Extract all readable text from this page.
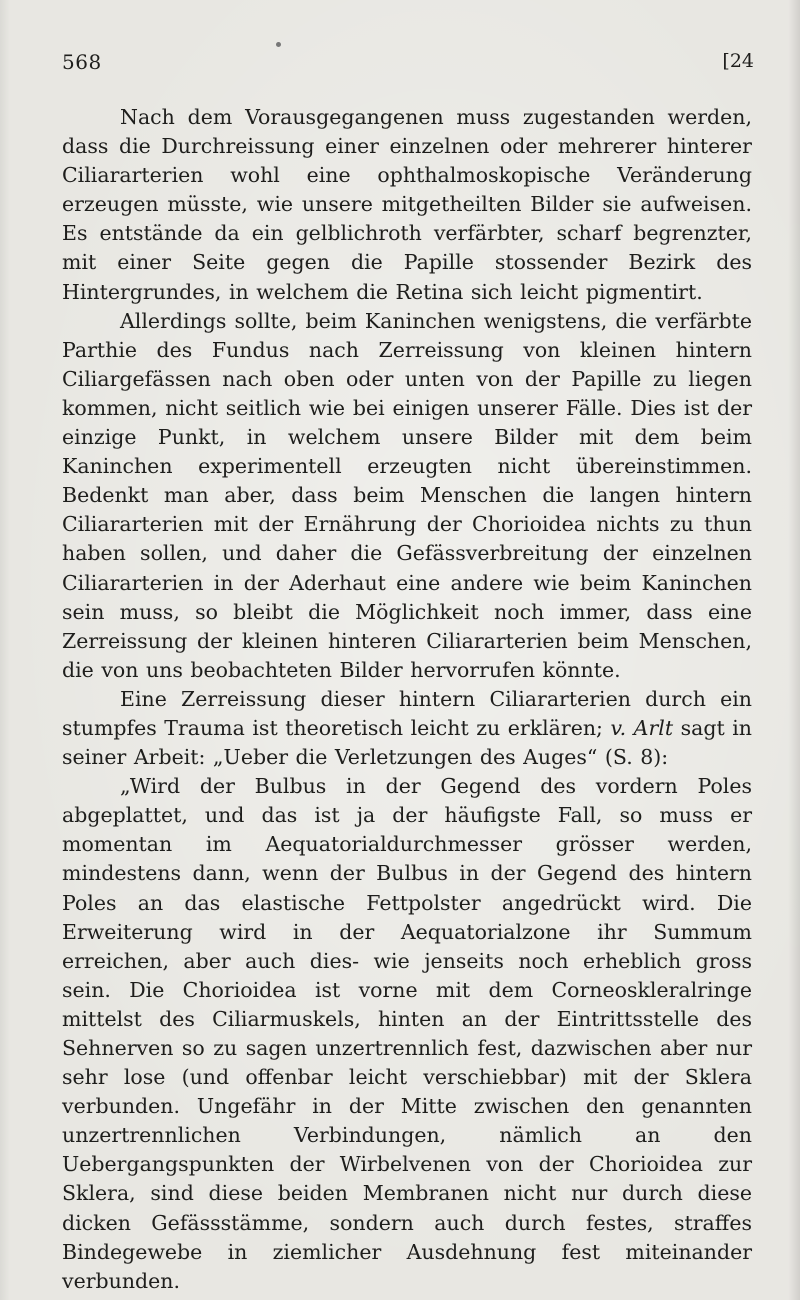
568	[24

Nach dem Vorausgegangenen muss zugestanden werden, dass die Durchreissung einer einzelnen oder mehrerer hinterer Ciliararterien wohl eine ophthalmoskopische Veränderung erzeugen müsste, wie unsere mitgetheilten Bilder sie aufweisen. Es entstände da ein gelblichroth verfärbter, scharf begrenzter, mit einer Seite gegen die Papille stossender Bezirk des Hintergrundes, in welchem die Retina sich leicht pigmentirt.

Allerdings sollte, beim Kaninchen wenigstens, die verfärbte Parthie des Fundus nach Zerreissung von kleinen hintern Ciliargefässen nach oben oder unten von der Papille zu liegen kommen, nicht seitlich wie bei einigen unserer Fälle. Dies ist der einzige Punkt, in welchem unsere Bilder mit dem beim Kaninchen experimentell erzeugten nicht übereinstimmen. Bedenkt man aber, dass beim Menschen die langen hintern Ciliararterien mit der Ernährung der Chorioidea nichts zu thun haben sollen, und daher die Gefässverbreitung der einzelnen Ciliararterien in der Aderhaut eine andere wie beim Kaninchen sein muss, so bleibt die Möglichkeit noch immer, dass eine Zerreissung der kleinen hinteren Ciliararterien beim Menschen, die von uns beobachteten Bilder hervorrufen könnte.

Eine Zerreissung dieser hintern Ciliararterien durch ein stumpfes Trauma ist theoretisch leicht zu erklären; v. Arlt sagt in seiner Arbeit: „Ueber die Verletzungen des Auges“ (S. 8):

„Wird der Bulbus in der Gegend des vordern Poles abgeplattet, und das ist ja der häufigste Fall, so muss er momentan im Aequatorialdurchmesser grösser werden, mindestens dann, wenn der Bulbus in der Gegend des hintern Poles an das elastische Fettpolster angedrückt wird. Die Erweiterung wird in der Aequatorialzone ihr Summum erreichen, aber auch dies- wie jenseits noch erheblich gross sein. Die Chorioidea ist vorne mit dem Corneoskleralringe mittelst des Ciliarmuskels, hinten an der Eintrittsstelle des Sehnerven so zu sagen unzertrennlich fest, dazwischen aber nur sehr lose (und offenbar leicht verschiebbar) mit der Sklera verbunden. Ungefähr in der Mitte zwischen den genannten unzertrennlichen Verbindungen, nämlich an den Uebergangspunkten der Wirbelvenen von der Chorioidea zur Sklera, sind diese beiden Membranen nicht nur durch diese dicken Gefässstämme, sondern auch durch festes, straffes Bindegewebe in ziemlicher Ausdehnung fest miteinander verbunden.
